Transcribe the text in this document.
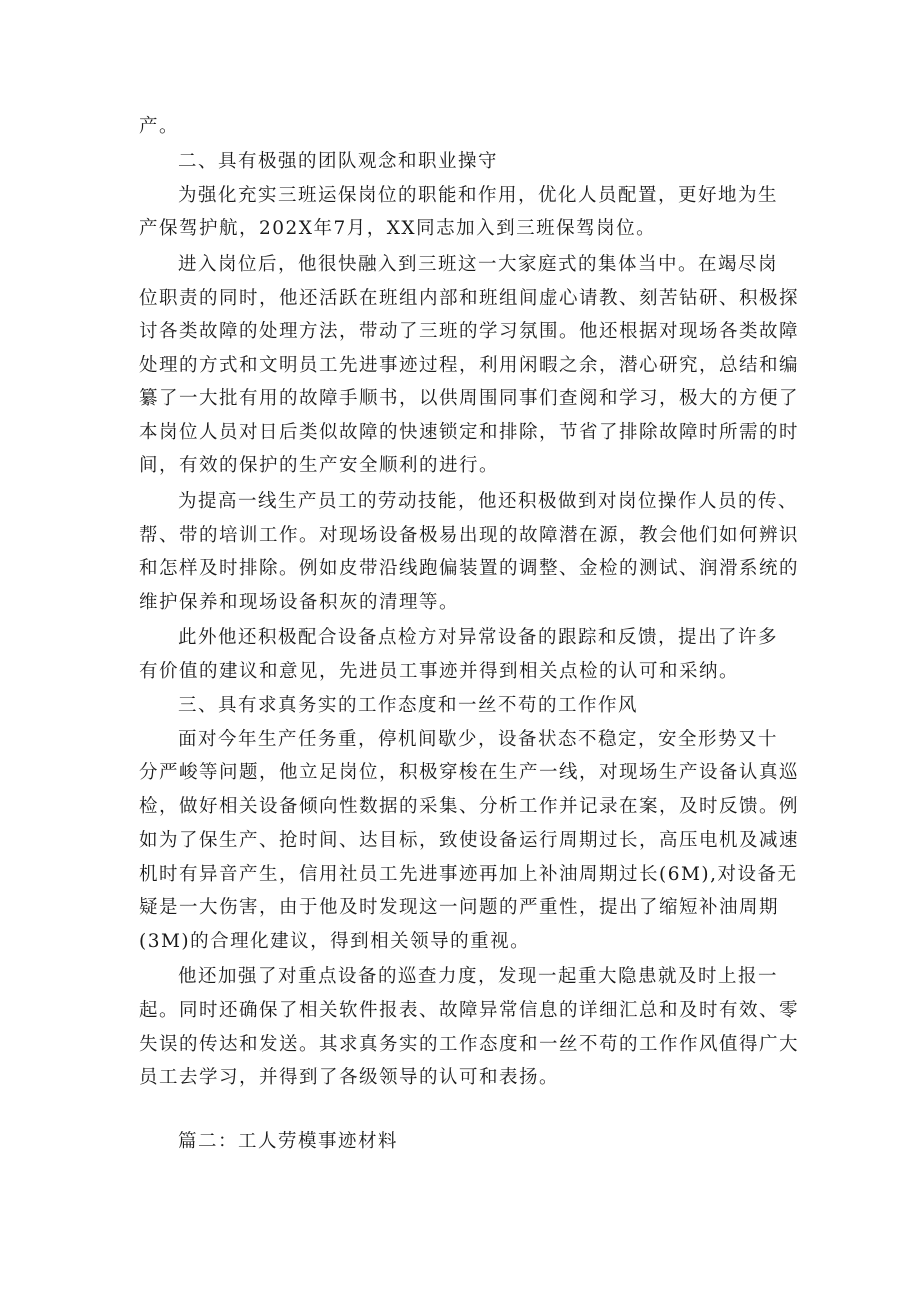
产。
二、具有极强的团队观念和职业操守
为强化充实三班运保岗位的职能和作用，优化人员配置，更好地为生
产保驾护航，202X年7月，XX同志加入到三班保驾岗位。
进入岗位后，他很快融入到三班这一大家庭式的集体当中。在竭尽岗
位职责的同时，他还活跃在班组内部和班组间虚心请教、刻苦钻研、积极探
讨各类故障的处理方法，带动了三班的学习氛围。他还根据对现场各类故障
处理的方式和文明员工先进事迹过程，利用闲暇之余，潜心研究，总结和编
纂了一大批有用的故障手顺书，以供周围同事们查阅和学习，极大的方便了
本岗位人员对日后类似故障的快速锁定和排除，节省了排除故障时所需的时
间，有效的保护的生产安全顺利的进行。
为提高一线生产员工的劳动技能，他还积极做到对岗位操作人员的传、
帮、带的培训工作。对现场设备极易出现的故障潜在源，教会他们如何辨识
和怎样及时排除。例如皮带沿线跑偏装置的调整、金检的测试、润滑系统的
维护保养和现场设备积灰的清理等。
此外他还积极配合设备点检方对异常设备的跟踪和反馈，提出了许多
有价值的建议和意见，先进员工事迹并得到相关点检的认可和采纳。
三、具有求真务实的工作态度和一丝不苟的工作作风
面对今年生产任务重，停机间歇少，设备状态不稳定，安全形势又十
分严峻等问题，他立足岗位，积极穿梭在生产一线，对现场生产设备认真巡
检，做好相关设备倾向性数据的采集、分析工作并记录在案，及时反馈。例
如为了保生产、抢时间、达目标，致使设备运行周期过长，高压电机及减速
机时有异音产生，信用社员工先进事迹再加上补油周期过长(6M),对设备无
疑是一大伤害，由于他及时发现这一问题的严重性，提出了缩短补油周期
(3M)的合理化建议，得到相关领导的重视。
他还加强了对重点设备的巡查力度，发现一起重大隐患就及时上报一
起。同时还确保了相关软件报表、故障异常信息的详细汇总和及时有效、零
失误的传达和发送。其求真务实的工作态度和一丝不苟的工作作风值得广大
员工去学习，并得到了各级领导的认可和表扬。
篇二：工人劳模事迹材料
